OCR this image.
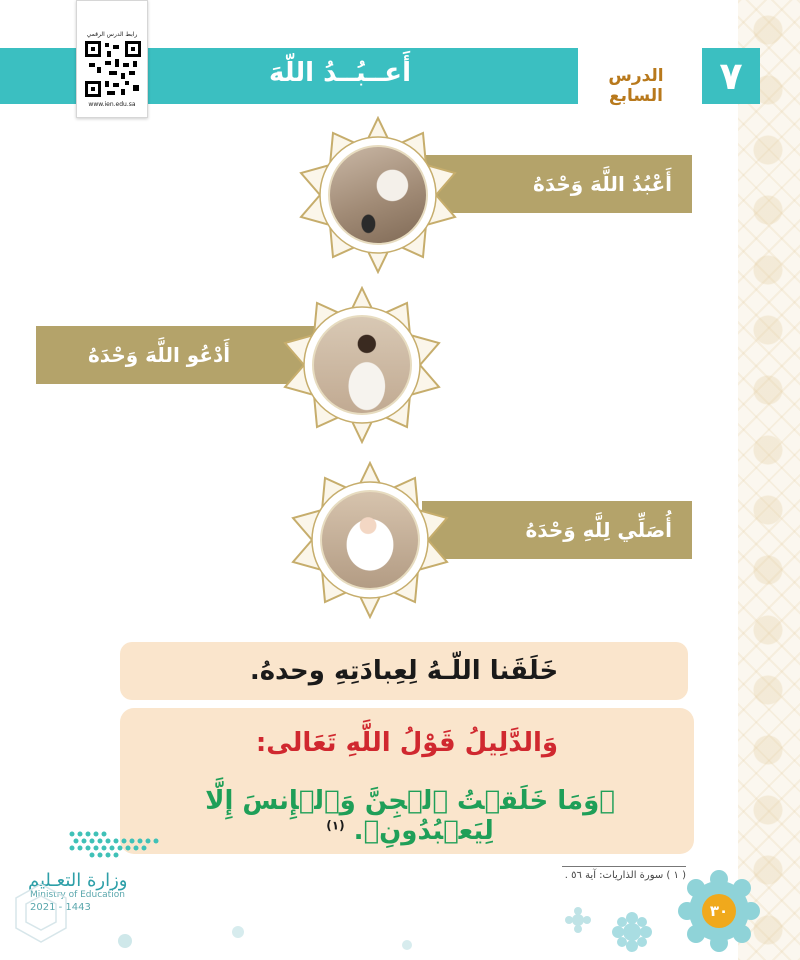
أَعــبُــدُ اللّهَ	الدرس السابع	٧
رابط الدرس الرقمي
www.ien.edu.sa
أَعْبُدُ اللَّهَ وَحْدَهُ
أَدْعُو اللَّهَ وَحْدَهُ
أُصَلِّي لِلَّهِ وَحْدَهُ
خَلَقَنا اللّـهُ لِعِبادَتِهِ وحدهُ.
وَالدَّلِيلُ قَوْلُ اللَّهِ تَعَالى:
﴿وَمَا خَلَقۡتُ ٱلۡجِنَّ وَٱلۡإِنسَ إِلَّا لِيَعۡبُدُونِ﴾. $^{(١)}$
( ١ ) سورة الذاريات: آية ٥٦ .
وزارة التعـليم
Ministry of Education
2021 - 1443	٣٠
